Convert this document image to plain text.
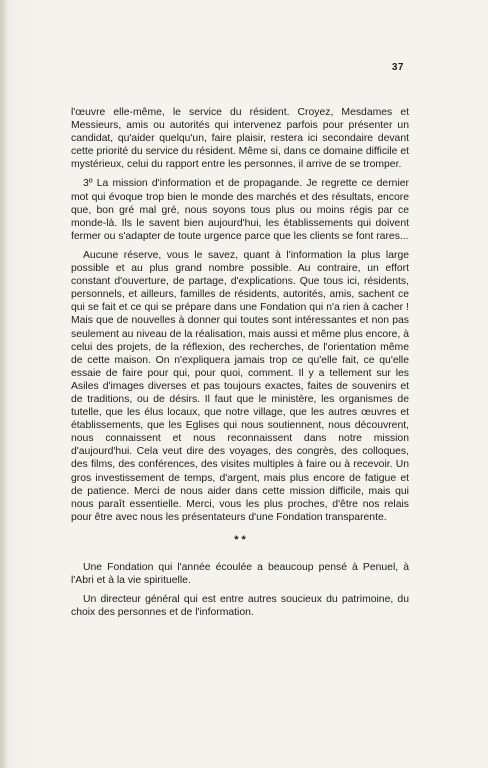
37

l'œuvre elle-même, le service du résident. Croyez, Mesdames et Messieurs, amis ou autorités qui intervenez parfois pour présenter un candidat, qu'aider quelqu'un, faire plaisir, restera ici secondaire devant cette priorité du service du résident. Même si, dans ce domaine difficile et mystérieux, celui du rapport entre les personnes, il arrive de se tromper.

3º La mission d'information et de propagande. Je regrette ce dernier mot qui évoque trop bien le monde des marchés et des résultats, encore que, bon gré mal gré, nous soyons tous plus ou moins régis par ce monde-là. Ils le savent bien aujourd'hui, les établissements qui doivent fermer ou s'adapter de toute urgence parce que les clients se font rares...

Aucune réserve, vous le savez, quant à l'information la plus large possible et au plus grand nombre possible. Au contraire, un effort constant d'ouverture, de partage, d'explications. Que tous ici, résidents, personnels, et ailleurs, familles de résidents, autorités, amis, sachent ce qui se fait et ce qui se prépare dans une Fondation qui n'a rien à cacher ! Mais que de nouvelles à donner qui toutes sont intéressantes et non pas seulement au niveau de la réalisation, mais aussi et même plus encore, à celui des projets, de la réflexion, des recherches, de l'orientation même de cette maison. On n'expliquera jamais trop ce qu'elle fait, ce qu'elle essaie de faire pour qui, pour quoi, comment. Il y a tellement sur les Asiles d'images diverses et pas toujours exactes, faites de souvenirs et de traditions, ou de désirs. Il faut que le ministère, les organismes de tutelle, que les élus locaux, que notre village, que les autres œuvres et établissements, que les Eglises qui nous soutiennent, nous découvrent, nous connaissent et nous reconnaissent dans notre mission d'aujourd'hui. Cela veut dire des voyages, des congrès, des colloques, des films, des conférences, des visites multiples à faire ou à recevoir. Un gros investissement de temps, d'argent, mais plus encore de fatigue et de patience. Merci de nous aider dans cette mission difficile, mais qui nous paraît essentielle. Merci, vous les plus proches, d'être nos relais pour être avec nous les présentateurs d'une Fondation transparente.

* *

Une Fondation qui l'année écoulée a beaucoup pensé à Penuel, à l'Abri et à la vie spirituelle.

Un directeur général qui est entre autres soucieux du patrimoine, du choix des personnes et de l'information.
